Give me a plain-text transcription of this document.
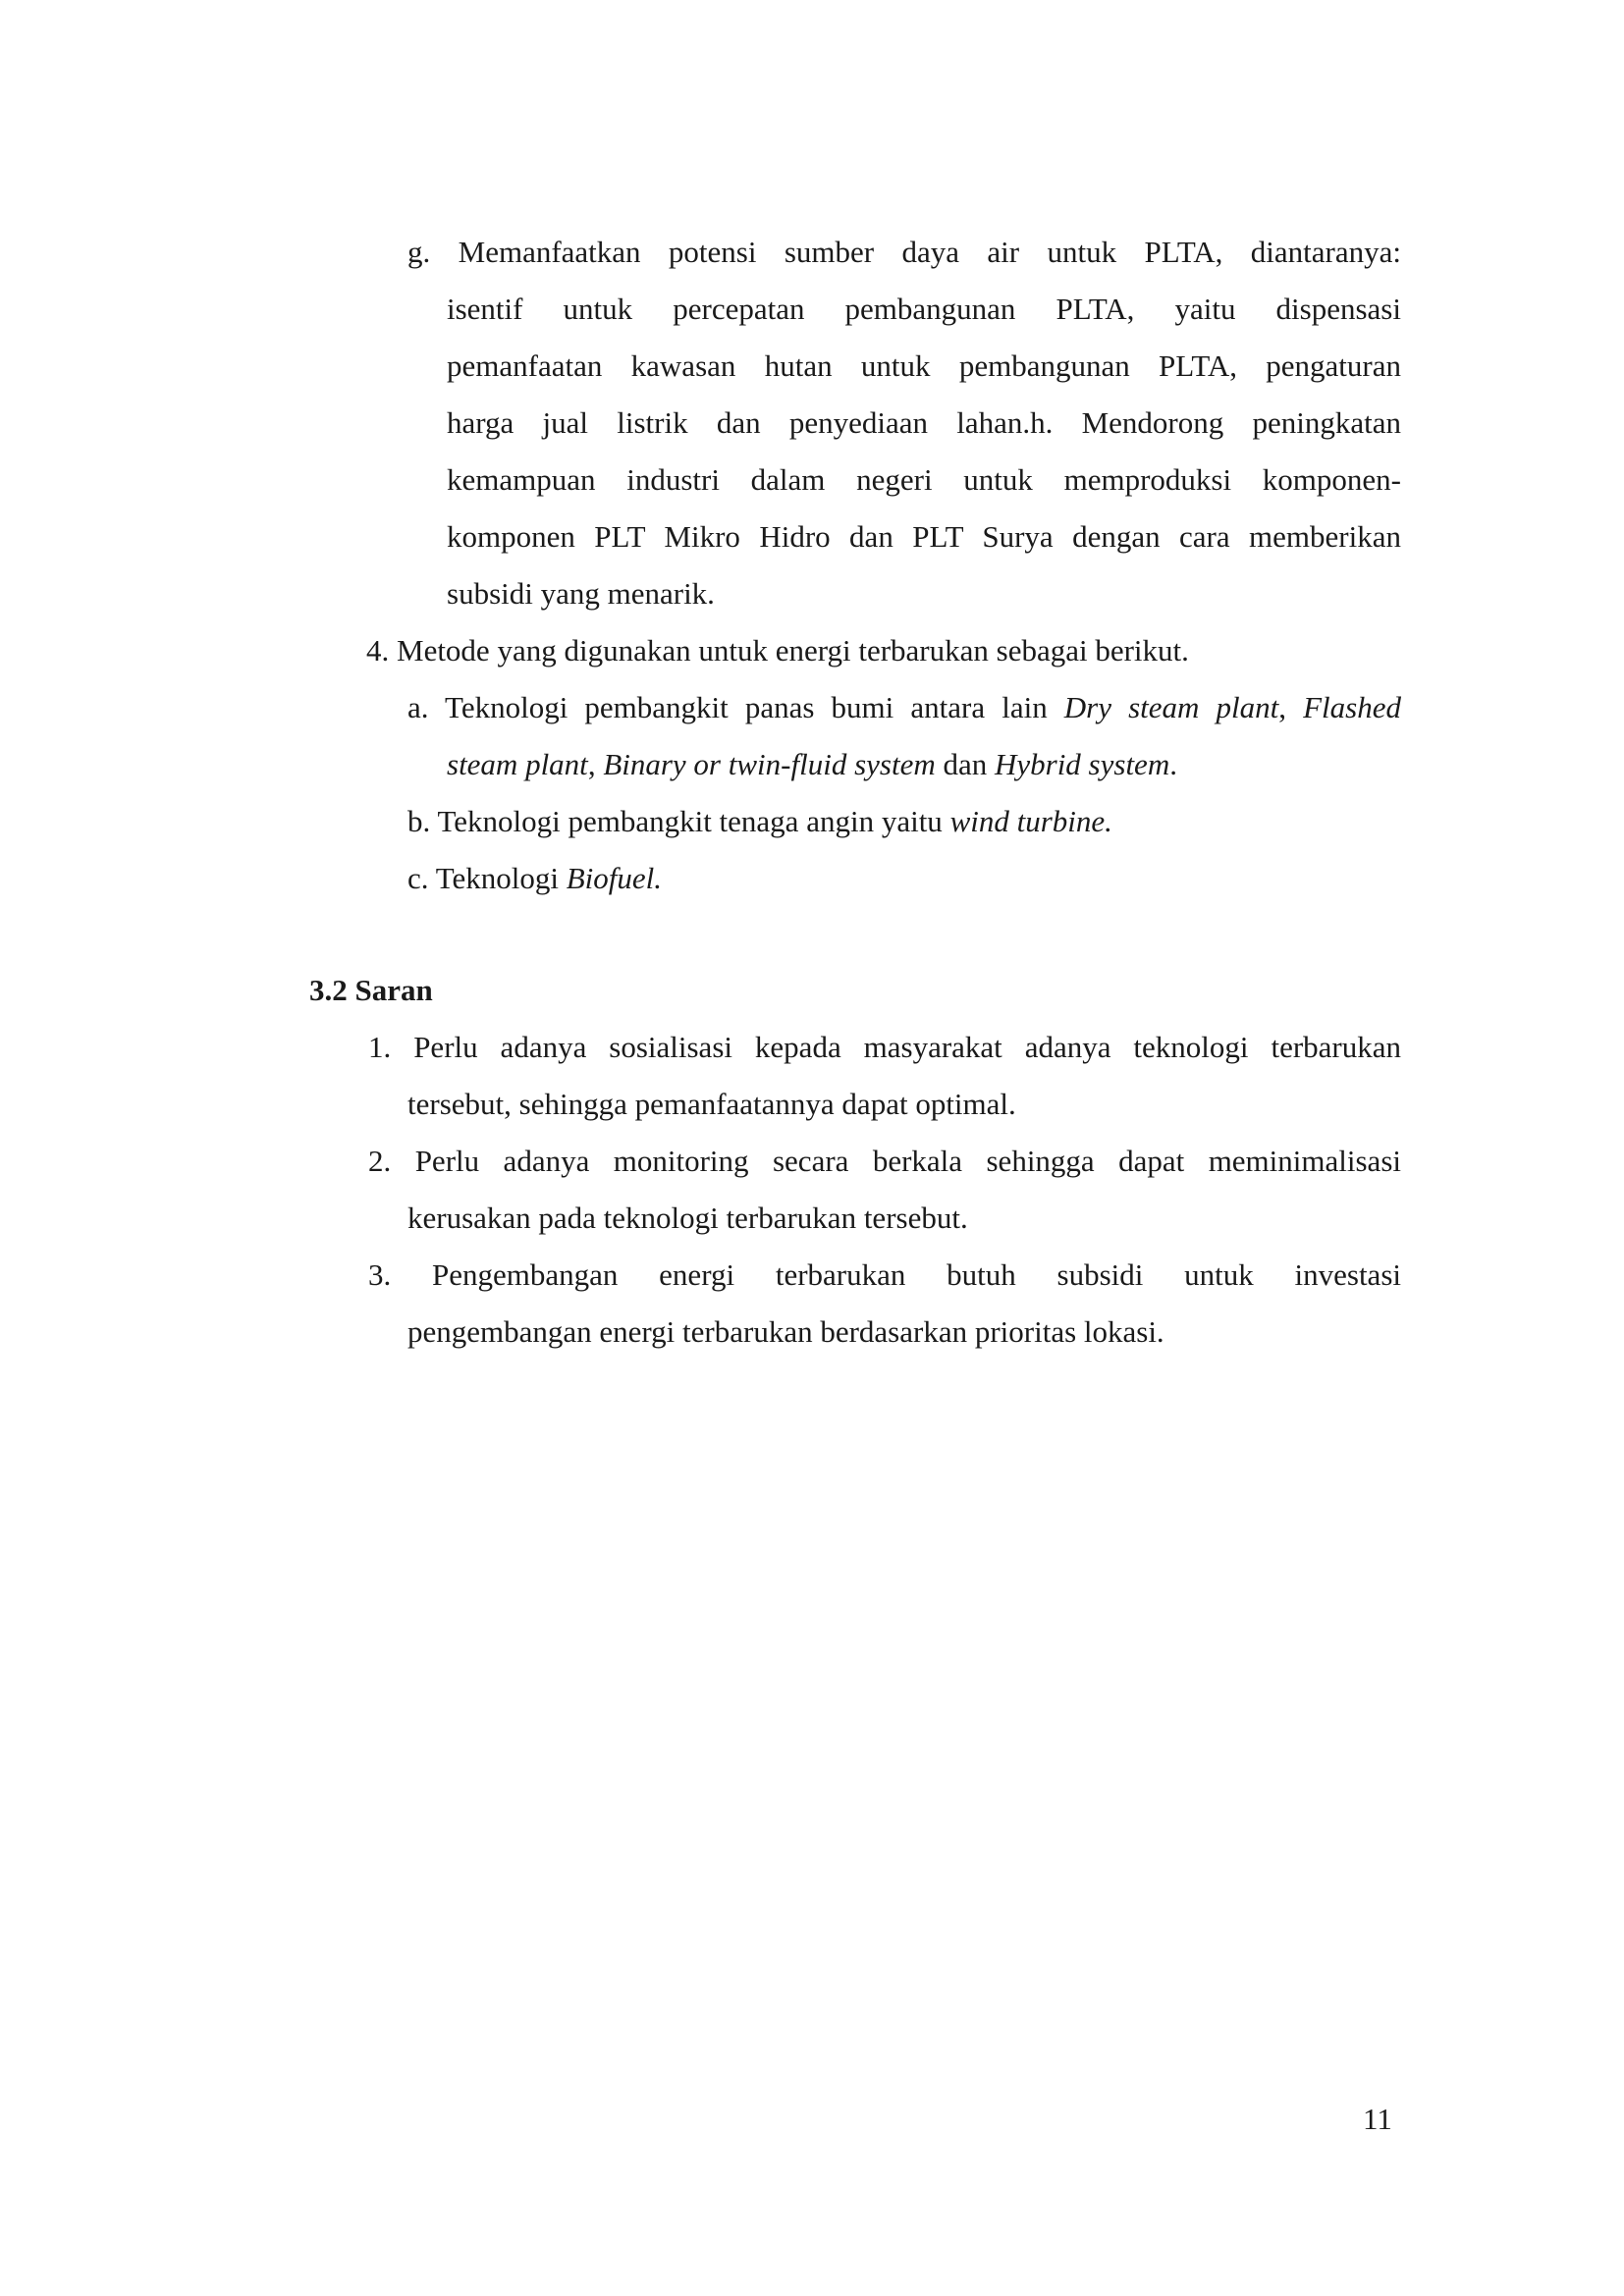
g. Memanfaatkan potensi sumber daya air untuk PLTA, diantaranya:
isentif untuk percepatan pembangunan PLTA, yaitu dispensasi
pemanfaatan kawasan hutan untuk pembangunan PLTA, pengaturan
harga jual listrik dan penyediaan lahan.h. Mendorong peningkatan
kemampuan industri dalam negeri untuk memproduksi komponen-
komponen PLT Mikro Hidro dan PLT Surya dengan cara memberikan
subsidi yang menarik.
4. Metode yang digunakan untuk energi terbarukan sebagai berikut.
a. Teknologi pembangkit panas bumi antara lain Dry steam plant, Flashed
steam plant, Binary or twin-fluid system dan Hybrid system.
b. Teknologi pembangkit tenaga angin yaitu wind turbine.
c. Teknologi Biofuel.
3.2 Saran
1. Perlu adanya sosialisasi kepada masyarakat adanya teknologi terbarukan
tersebut, sehingga pemanfaatannya dapat optimal.
2. Perlu adanya monitoring secara berkala sehingga dapat meminimalisasi
kerusakan pada teknologi terbarukan tersebut.
3. Pengembangan energi terbarukan butuh subsidi untuk investasi
pengembangan energi terbarukan berdasarkan prioritas lokasi.
11
